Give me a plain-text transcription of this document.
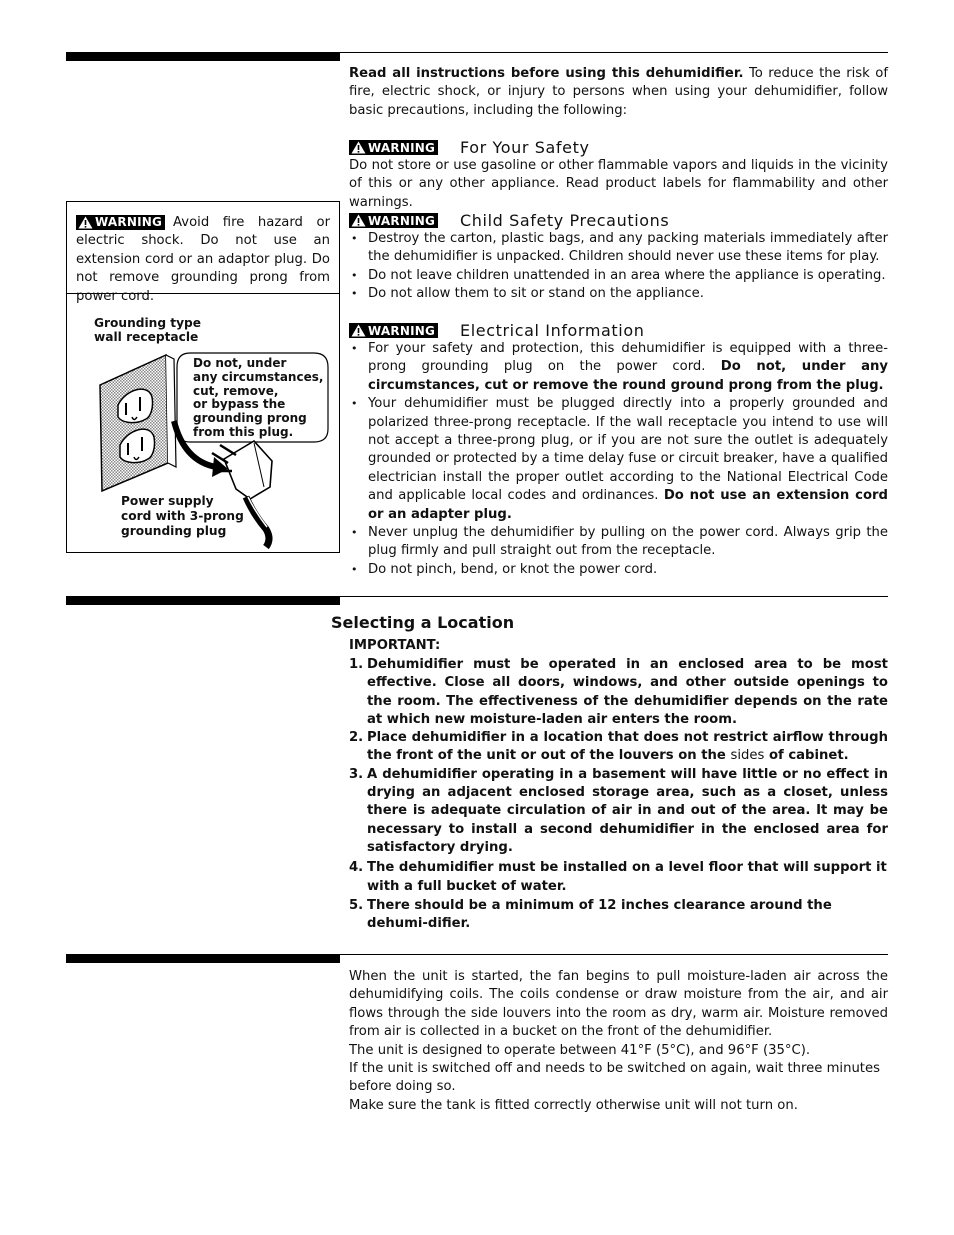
Read all instructions before using this dehumidifier. To reduce the risk of fire, electric shock, or injury to persons when using your dehumidifier, follow basic precautions, including the following:

WARNING For Your Safety

Do not store or use gasoline or other flammable vapors and liquids in the vicinity of this or any other appliance. Read product labels for flammability and other warnings.

WARNING Child Safety Precautions
• Destroy the carton, plastic bags, and any packing materials immediately after the dehumidifier is unpacked. Children should never use these items for play.
• Do not leave children unattended in an area where the appliance is operating.
• Do not allow them to sit or stand on the appliance.
WARNING Electrical Information
• For your safety and protection, this dehumidifier is equipped with a three-prong grounding plug on the power cord. Do not, under any circumstances, cut or remove the round ground prong from the plug.
• Your dehumidifier must be plugged directly into a properly grounded and polarized three-prong receptacle. If the wall receptacle you intend to use will not accept a three-prong plug, or if you are not sure the outlet is adequately grounded or protected by a time delay fuse or circuit breaker, have a qualified electrician install the proper outlet according to the National Electrical Code and applicable local codes and ordinances. Do not use an extension cord or an adapter plug.
• Never unplug the dehumidifier by pulling on the power cord. Always grip the plug firmly and pull straight out from the receptacle.
• Do not pinch, bend, or knot the power cord.

WARNING Avoid fire hazard or electric shock. Do not use an extension cord or an adaptor plug. Do not remove grounding prong from power cord.

Grounding type
wall receptacle
Do not, under
any circumstances,
cut, remove,
or bypass the
grounding prong
from this plug.
Power supply
cord with 3-prong
grounding plug
Selecting a Location
IMPORTANT:
1. Dehumidifier must be operated in an enclosed area to be most effective. Close all doors, windows, and other outside openings to the room. The effectiveness of the dehumidifier depends on the rate at which new moisture-laden air enters the room.
2. Place dehumidifier in a location that does not restrict airflow through the front of the unit or out of the louvers on the sides of cabinet.
3. A dehumidifier operating in a basement will have little or no effect in drying an adjacent enclosed storage area, such as a closet, unless there is adequate circulation of air in and out of the area. It may be necessary to install a second dehumidifier in the enclosed area for satisfactory drying.
4. The dehumidifier must be installed on a level floor that will support it with a full bucket of water.
5. There should be a minimum of 12 inches clearance around the dehumi-difier.

When the unit is started, the fan begins to pull moisture-laden air across the dehumidifying coils. The coils condense or draw moisture from the air, and air flows through the side louvers into the room as dry, warm air. Moisture removed from air is collected in a bucket on the front of the dehumidifier.

The unit is designed to operate between 41°F (5°C), and 96°F (35°C).

If the unit is switched off and needs to be switched on again, wait three minutes before doing so.

Make sure the tank is fitted correctly otherwise unit will not turn on.
